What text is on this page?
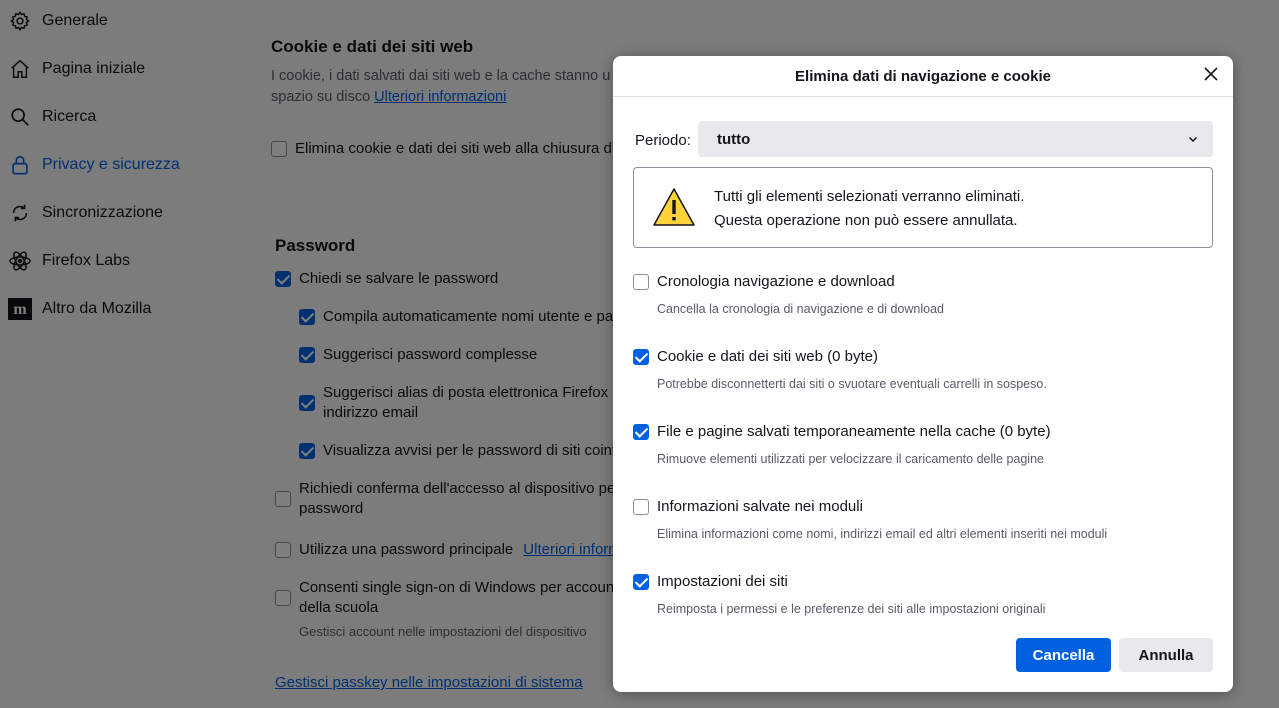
Elimina dati di navigazione e cookie
Periodo: tutto
Tutti gli elementi selezionati verranno eliminati.
Questa operazione non può essere annullata.
Cronologia navigazione e download
Cancella la cronologia di navigazione e di download
Cookie e dati dei siti web (0 byte)
Potrebbe disconnetterti dai siti o svuotare eventuali carrelli in sospeso.
File e pagine salvati temporaneamente nella cache (0 byte)
Rimuove elementi utilizzati per velocizzare il caricamento delle pagine
Informazioni salvate nei moduli
Elimina informazioni come nomi, indirizzi email ed altri elementi inseriti nei moduli
Impostazioni dei siti
Reimposta i permessi e le preferenze dei siti alle impostazioni originali
Cancella	Annulla
